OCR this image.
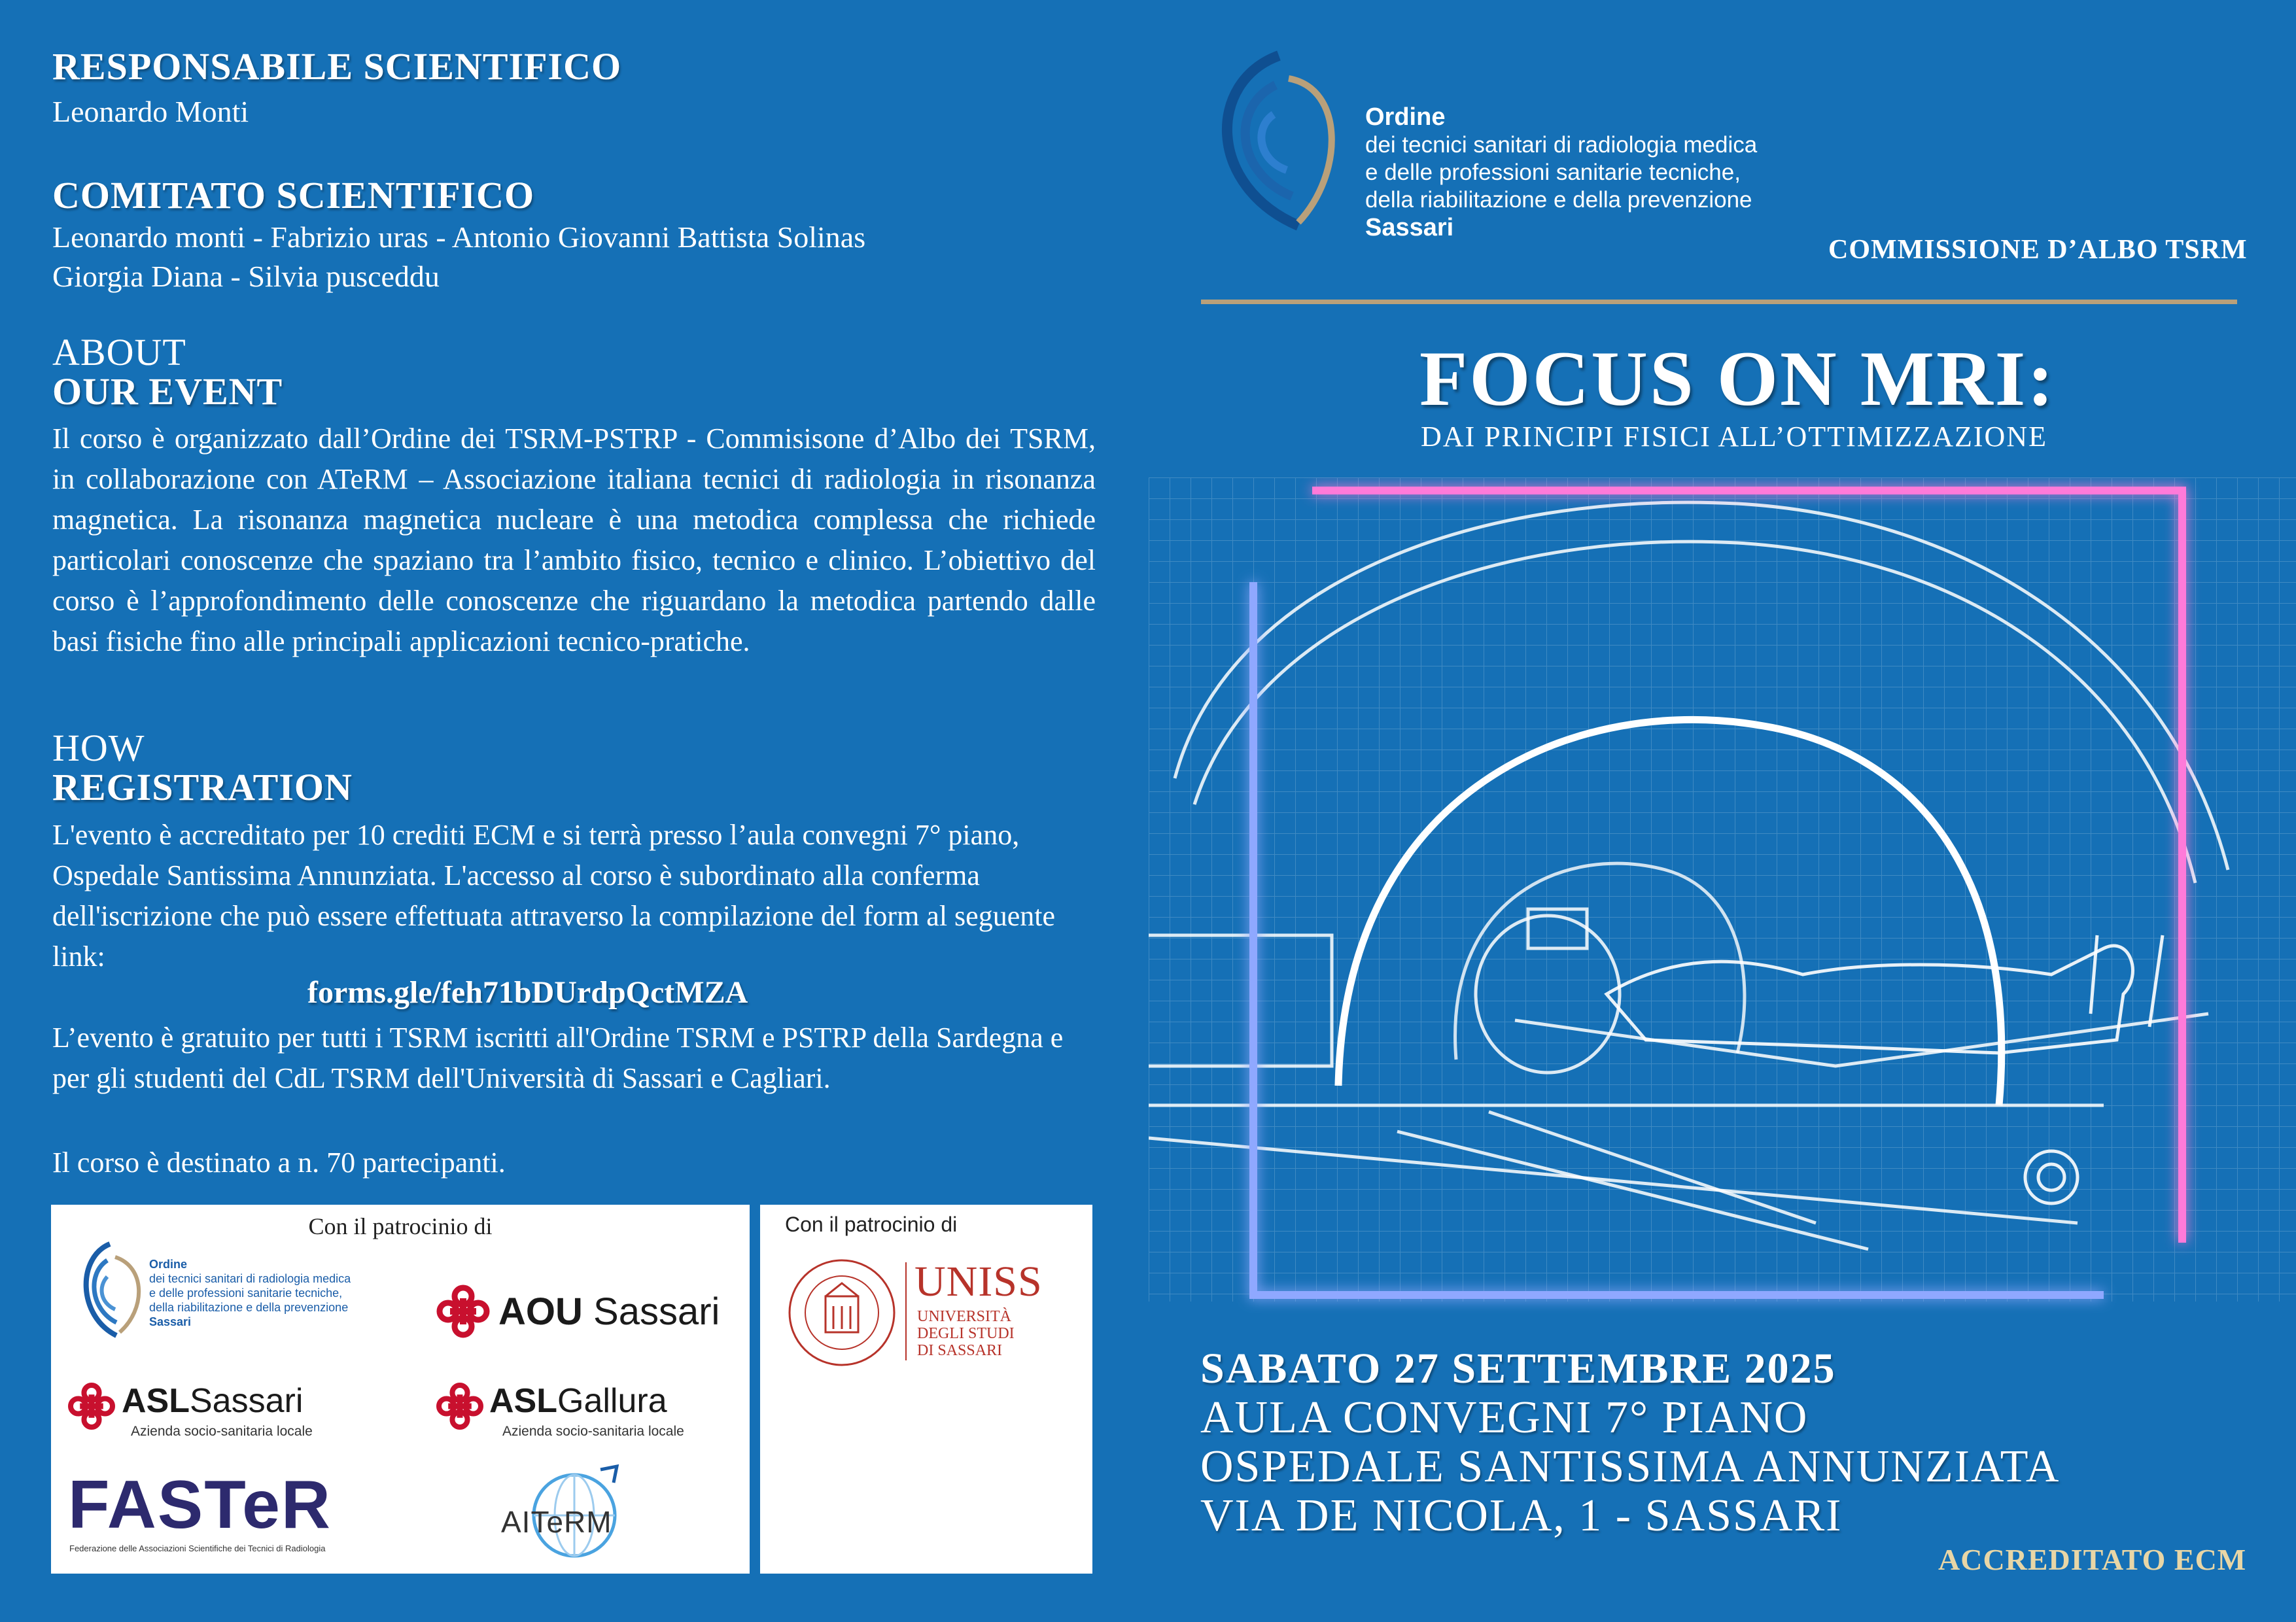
RESPONSABILE SCIENTIFICO
Leonardo Monti
COMITATO SCIENTIFICO
Leonardo monti - Fabrizio uras - Antonio Giovanni Battista Solinas
Giorgia Diana - Silvia pusceddu
ABOUT
OUR EVENT
Il corso è organizzato dall’Ordine dei TSRM-PSTRP - Commisisone d’Albo dei TSRM, in collaborazione con ATeRM – Associazione italiana tecnici di radiologia in risonanza magnetica. La risonanza magnetica nucleare è una metodica complessa che richiede particolari conoscenze che spaziano tra l’ambito fisico, tecnico e clinico. L’obiettivo del corso è l’approfondimento delle conoscenze che riguardano la metodica partendo dalle basi fisiche fino alle principali applicazioni tecnico-pratiche.
HOW
REGISTRATION
L'evento è accreditato per 10 crediti ECM e si terrà presso l’aula convegni 7° piano, Ospedale Santissima Annunziata. L'accesso al corso è subordinato alla conferma dell'iscrizione che può essere effettuata attraverso la compilazione del form al seguente link:
forms.gle/feh71bDUrdpQctMZA
L’evento è gratuito per tutti i TSRM iscritti all'Ordine TSRM e PSTRP della Sardegna e per gli studenti del CdL TSRM dell'Università di Sassari e Cagliari.
Il corso è destinato a n. 70 partecipanti.
Con il patrocinio di
Ordine
dei tecnici sanitari di radiologia medica
e delle professioni sanitarie tecniche,
della riabilitazione e della prevenzione
Sassari	AOU Sassari
ASLSassari
Azienda socio-sanitaria locale
ASLGallura
Azienda socio-sanitaria locale
FASTeR
Federazione delle Associazioni Scientifiche dei Tecnici di Radiologia
AITeRM
Con il patrocinio di
UNISS
UNIVERSITÀ
DEGLI STUDI
DI SASSARI
Ordine
dei tecnici sanitari di radiologia medica
e delle professioni sanitarie tecniche,
della riabilitazione e della prevenzione
Sassari
COMMISSIONE D’ALBO TSRM
FOCUS ON MRI:
DAI PRINCIPI FISICI ALL’OTTIMIZZAZIONE
SABATO 27 SETTEMBRE 2025
AULA CONVEGNI 7° PIANO
OSPEDALE SANTISSIMA ANNUNZIATA
VIA DE NICOLA, 1 - SASSARI
ACCREDITATO ECM
